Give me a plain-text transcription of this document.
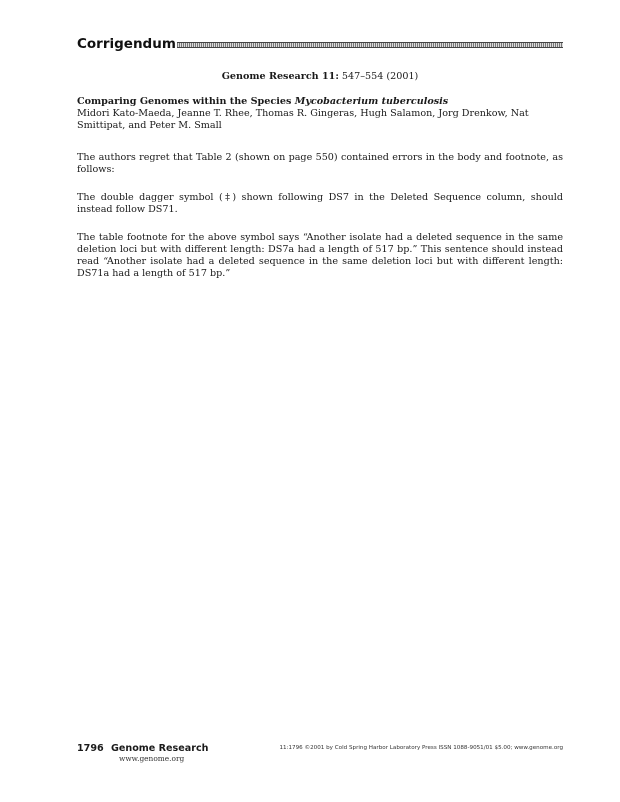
Corrigendum
Genome Research 11: 547–554 (2001)
Comparing Genomes within the Species Mycobacterium tuberculosis
Midori Kato-Maeda, Jeanne T. Rhee, Thomas R. Gingeras, Hugh Salamon, Jorg Drenkow, Nat Smittipat, and Peter M. Small

The authors regret that Table 2 (shown on page 550) contained errors in the body and footnote, as follows:

The double dagger symbol (‡) shown following DS7 in the Deleted Sequence column, should instead follow DS71.

The table footnote for the above symbol says “Another isolate had a deleted sequence in the same deletion loci but with different length: DS7a had a length of 517 bp.” This sentence should instead read “Another isolate had a deleted sequence in the same deletion loci but with different length: DS71a had a length of 517 bp.”

1796 Genome Research
www.genome.org
11:1796 ©2001 by Cold Spring Harbor Laboratory Press ISSN 1088-9051/01 $5.00; www.genome.org
